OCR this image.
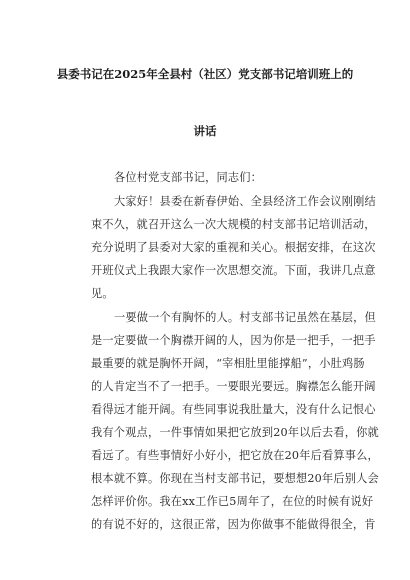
县委书记在2025年全县村（社区）党支部书记培训班上的
讲话
各位村党支部书记，同志们：
大家好！县委在新春伊始、全县经济工作会议刚刚结
束不久，就召开这么一次大规模的村支部书记培训活动，
充分说明了县委对大家的重视和关心。根据安排，在这次
开班仪式上我跟大家作一次思想交流。下面，我讲几点意
见。
一要做一个有胸怀的人。村支部书记虽然在基层，但
是一定要做一个胸襟开阔的人，因为你是一把手，一把手
最重要的就是胸怀开阔，“宰相肚里能撑船”，小肚鸡肠
的人肯定当不了一把手。一要眼光要远。胸襟怎么能开阔
看得远才能开阔。有些同事说我肚量大，没有什么记恨心
我有个观点，一件事情如果把它放到20年以后去看，你就
看远了。有些事情好小好小，把它放在20年后看算事么，
根本就不算。你现在当村支部书记，要想想20年后别人会
怎样评价你。我在xx工作已5周年了，在位的时候有说好
的有说不好的，这很正常，因为你做事不能做得很全，肯
